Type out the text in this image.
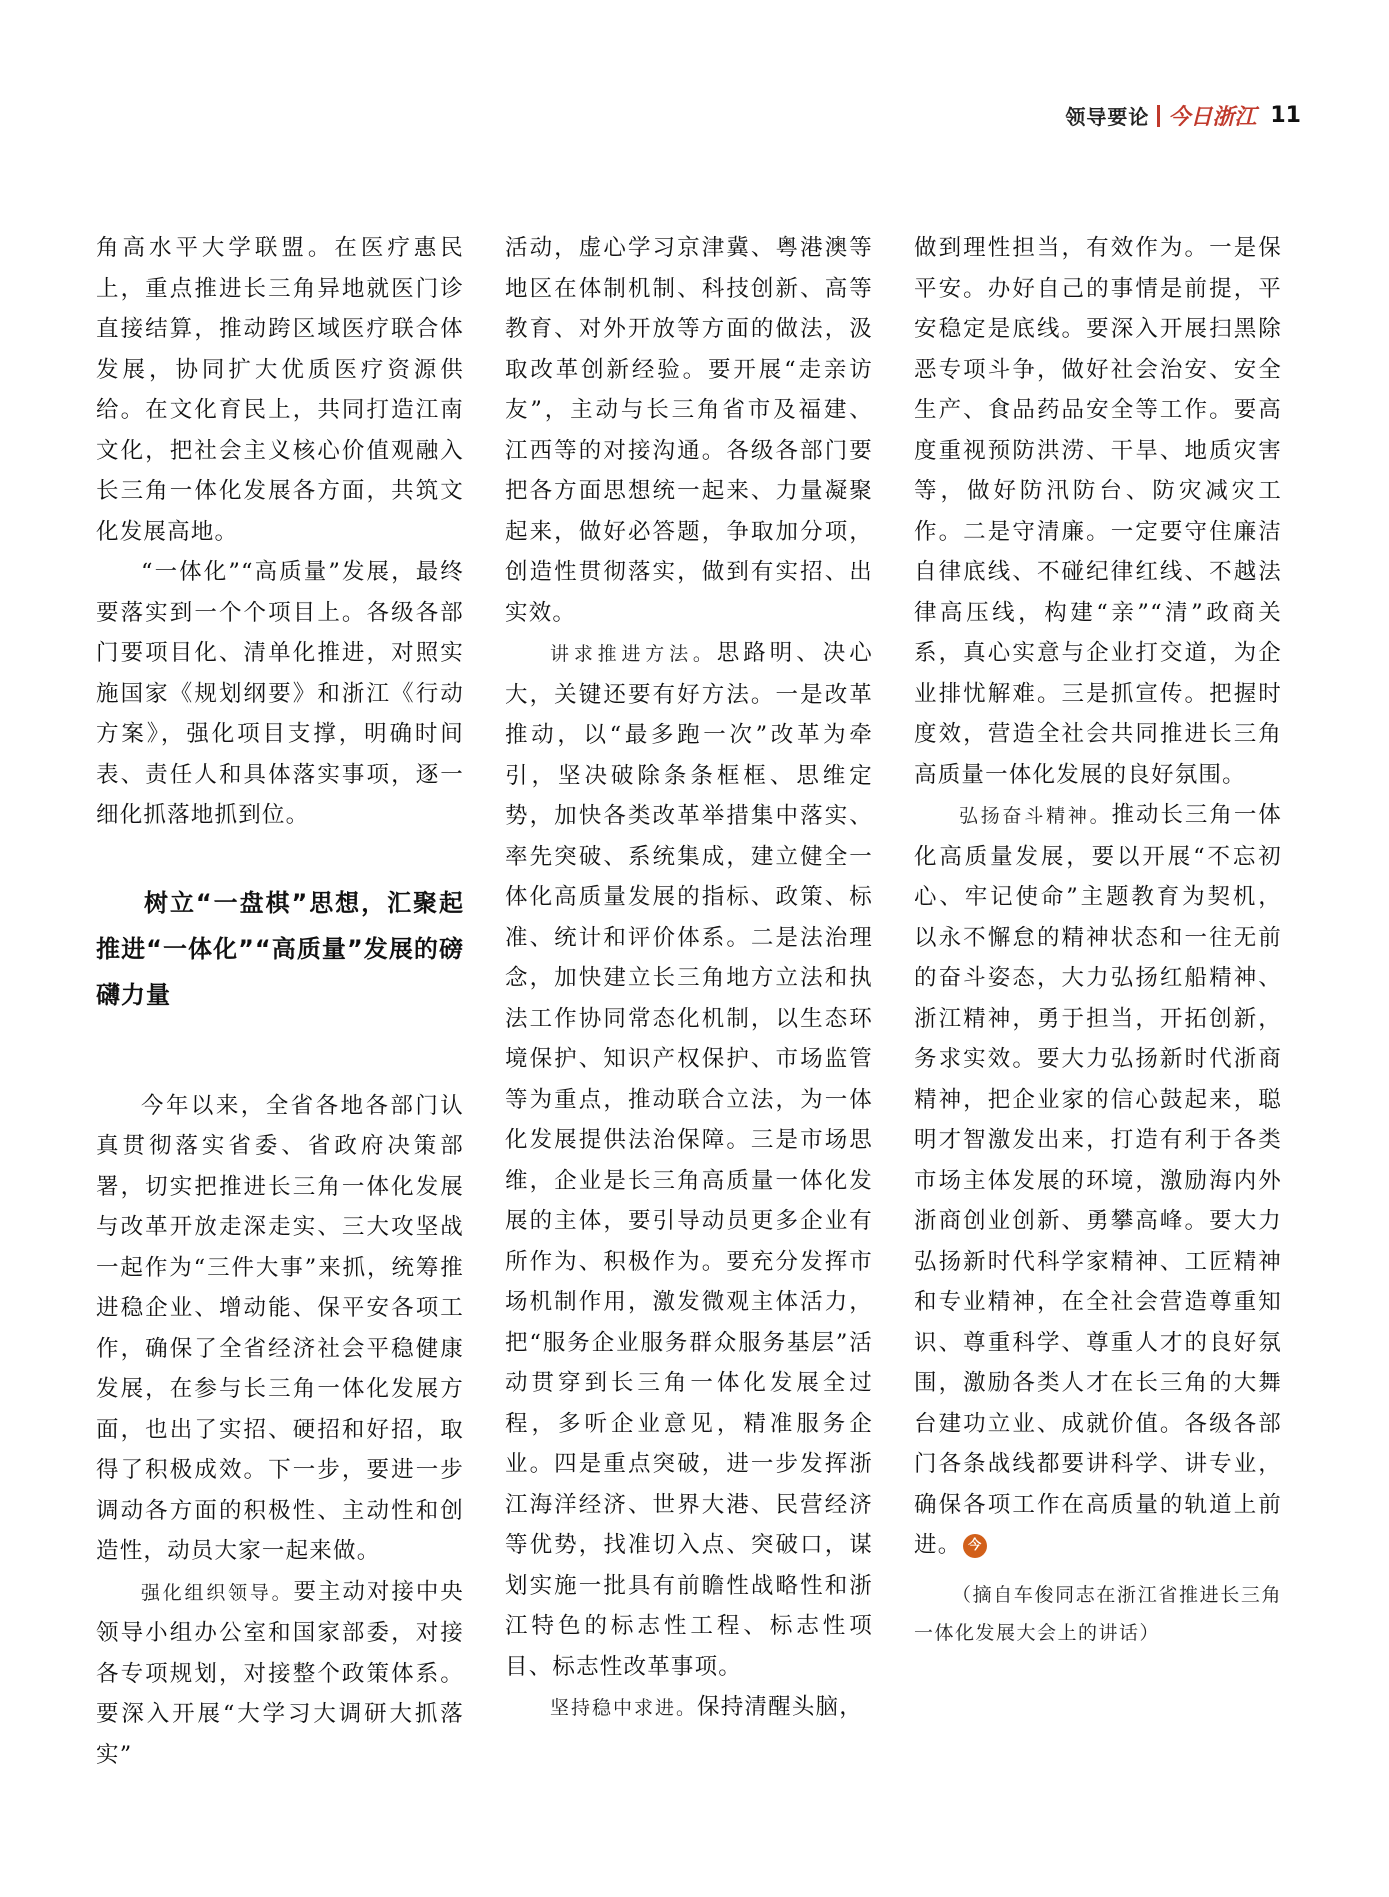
领导要论 今日浙江 11

角高水平大学联盟。在医疗惠民上，重点推进长三角异地就医门诊直接结算，推动跨区域医疗联合体发展，协同扩大优质医疗资源供给。在文化育民上，共同打造江南文化，把社会主义核心价值观融入长三角一体化发展各方面，共筑文化发展高地。

“一体化”“高质量”发展，最终要落实到一个个项目上。各级各部门要项目化、清单化推进，对照实施国家《规划纲要》和浙江《行动方案》，强化项目支撑，明确时间表、责任人和具体落实事项，逐一细化抓落地抓到位。

树立“一盘棋”思想，汇聚起推进“一体化”“高质量”发展的磅礴力量

今年以来，全省各地各部门认真贯彻落实省委、省政府决策部署，切实把推进长三角一体化发展与改革开放走深走实、三大攻坚战一起作为“三件大事”来抓，统筹推进稳企业、增动能、保平安各项工作，确保了全省经济社会平稳健康发展，在参与长三角一体化发展方面，也出了实招、硬招和好招，取得了积极成效。下一步，要进一步调动各方面的积极性、主动性和创造性，动员大家一起来做。

强化组织领导。要主动对接中央领导小组办公室和国家部委，对接各专项规划，对接整个政策体系。要深入开展“大学习大调研大抓落实”

活动，虚心学习京津冀、粤港澳等地区在体制机制、科技创新、高等教育、对外开放等方面的做法，汲取改革创新经验。要开展“走亲访友”，主动与长三角省市及福建、江西等的对接沟通。各级各部门要把各方面思想统一起来、力量凝聚起来，做好必答题，争取加分项，创造性贯彻落实，做到有实招、出实效。

讲求推进方法。思路明、决心大，关键还要有好方法。一是改革推动，以“最多跑一次”改革为牵引，坚决破除条条框框、思维定势，加快各类改革举措集中落实、率先突破、系统集成，建立健全一体化高质量发展的指标、政策、标准、统计和评价体系。二是法治理念，加快建立长三角地方立法和执法工作协同常态化机制，以生态环境保护、知识产权保护、市场监管等为重点，推动联合立法，为一体化发展提供法治保障。三是市场思维，企业是长三角高质量一体化发展的主体，要引导动员更多企业有所作为、积极作为。要充分发挥市场机制作用，激发微观主体活力，把“服务企业服务群众服务基层”活动贯穿到长三角一体化发展全过程，多听企业意见，精准服务企业。四是重点突破，进一步发挥浙江海洋经济、世界大港、民营经济等优势，找准切入点、突破口，谋划实施一批具有前瞻性战略性和浙江特色的标志性工程、标志性项目、标志性改革事项。

坚持稳中求进。保持清醒头脑，

做到理性担当，有效作为。一是保平安。办好自己的事情是前提，平安稳定是底线。要深入开展扫黑除恶专项斗争，做好社会治安、安全生产、食品药品安全等工作。要高度重视预防洪涝、干旱、地质灾害等，做好防汛防台、防灾减灾工作。二是守清廉。一定要守住廉洁自律底线、不碰纪律红线、不越法律高压线，构建“亲”“清”政商关系，真心实意与企业打交道，为企业排忧解难。三是抓宣传。把握时度效，营造全社会共同推进长三角高质量一体化发展的良好氛围。

弘扬奋斗精神。推动长三角一体化高质量发展，要以开展“不忘初心、牢记使命”主题教育为契机，以永不懈怠的精神状态和一往无前的奋斗姿态，大力弘扬红船精神、浙江精神，勇于担当，开拓创新，务求实效。要大力弘扬新时代浙商精神，把企业家的信心鼓起来，聪明才智激发出来，打造有利于各类市场主体发展的环境，激励海内外浙商创业创新、勇攀高峰。要大力弘扬新时代科学家精神、工匠精神和专业精神，在全社会营造尊重知识、尊重科学、尊重人才的良好氛围，激励各类人才在长三角的大舞台建功立业、成就价值。各级各部门各条战线都要讲科学、讲专业，确保各项工作在高质量的轨道上前进。 今

（摘自车俊同志在浙江省推进长三角一体化发展大会上的讲话）
